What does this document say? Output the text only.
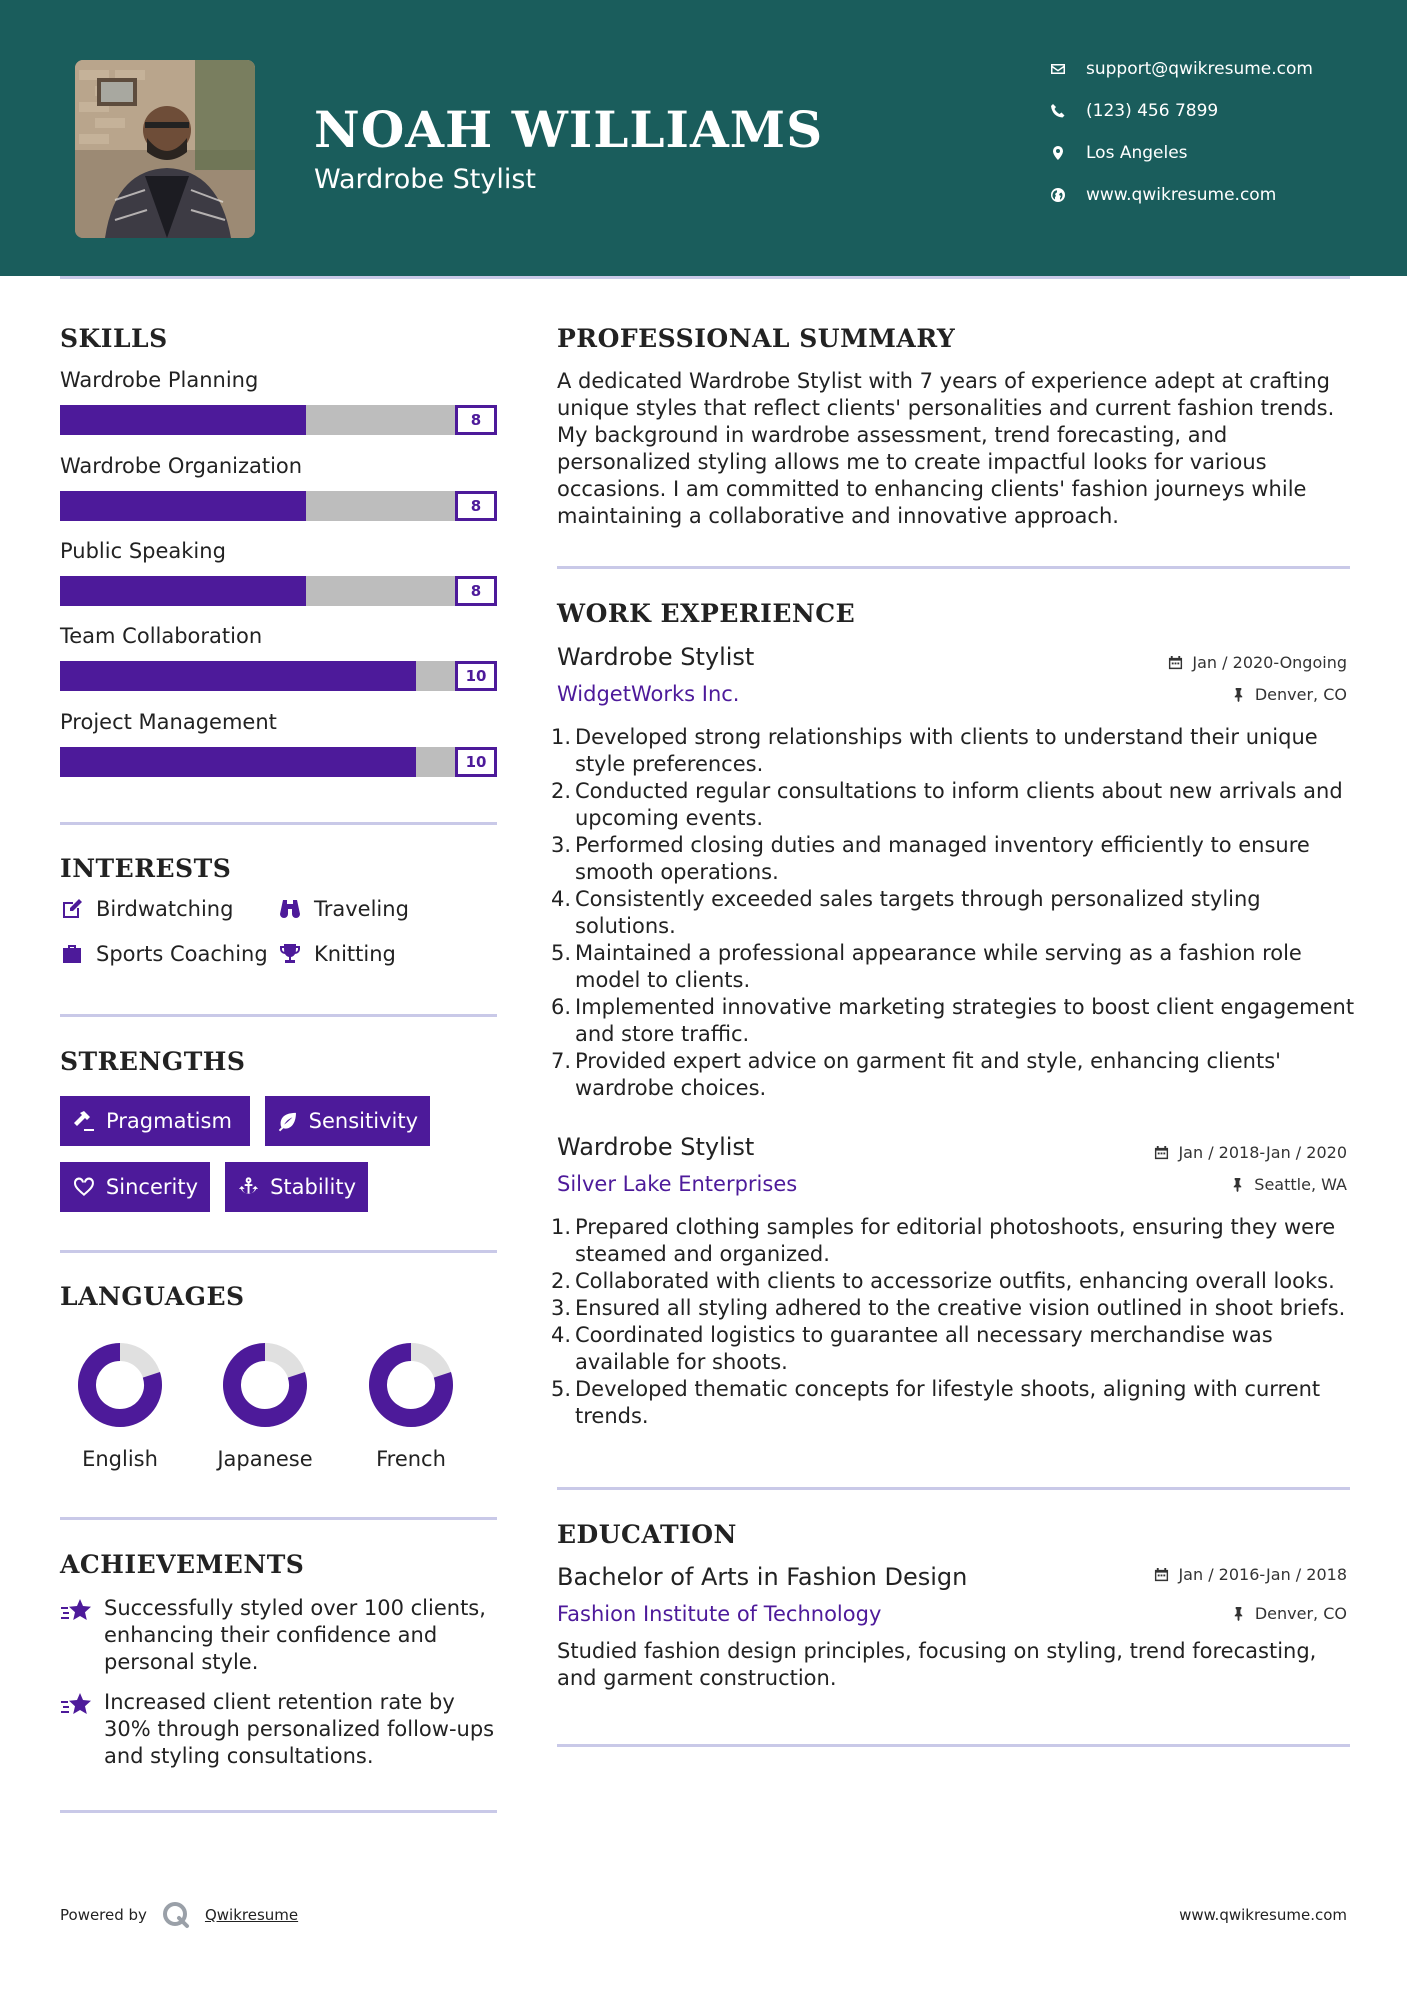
NOAH WILLIAMS
Wardrobe Stylist
support@qwikresume.com
(123) 456 7899
Los Angeles
www.qwikresume.com
SKILLS
Wardrobe Planning
8
Wardrobe Organization
8
Public Speaking
8
Team Collaboration
10
Project Management
10
INTERESTS
Birdwatching	Traveling
Sports Coaching Knitting
STRENGTHS
Pragmatism	Sensitivity
Sincerity	Stability
LANGUAGES
English	Japanese	French
ACHIEVEMENTS
Successfully styled over 100 clients, enhancing their confidence and personal style.
Increased client retention rate by 30% through personalized follow-ups and styling consultations.
PROFESSIONAL SUMMARY
A dedicated Wardrobe Stylist with 7 years of experience adept at crafting unique styles that reflect clients' personalities and current fashion trends. My background in wardrobe assessment, trend forecasting, and personalized styling allows me to create impactful looks for various occasions. I am committed to enhancing clients' fashion journeys while maintaining a collaborative and innovative approach.
WORK EXPERIENCE
Wardrobe Stylist	Jan / 2020-Ongoing
WidgetWorks Inc.	Denver, CO
1. Developed strong relationships with clients to understand their unique style preferences.
2. Conducted regular consultations to inform clients about new arrivals and upcoming events.
3. Performed closing duties and managed inventory efficiently to ensure smooth operations.
4. Consistently exceeded sales targets through personalized styling solutions.
5. Maintained a professional appearance while serving as a fashion role model to clients.
6. Implemented innovative marketing strategies to boost client engagement and store traffic.
7. Provided expert advice on garment fit and style, enhancing clients' wardrobe choices.
Wardrobe Stylist	Jan / 2018-Jan / 2020
Silver Lake Enterprises	Seattle, WA
1. Prepared clothing samples for editorial photoshoots, ensuring they were steamed and organized.
2. Collaborated with clients to accessorize outfits, enhancing overall looks.
3. Ensured all styling adhered to the creative vision outlined in shoot briefs.
4. Coordinated logistics to guarantee all necessary merchandise was available for shoots.
5. Developed thematic concepts for lifestyle shoots, aligning with current trends.
EDUCATION
Bachelor of Arts in Fashion Design	Jan / 2016-Jan / 2018
Fashion Institute of Technology	Denver, CO
Studied fashion design principles, focusing on styling, trend forecasting, and garment construction.
Powered by	Qwikresume	www.qwikresume.com
